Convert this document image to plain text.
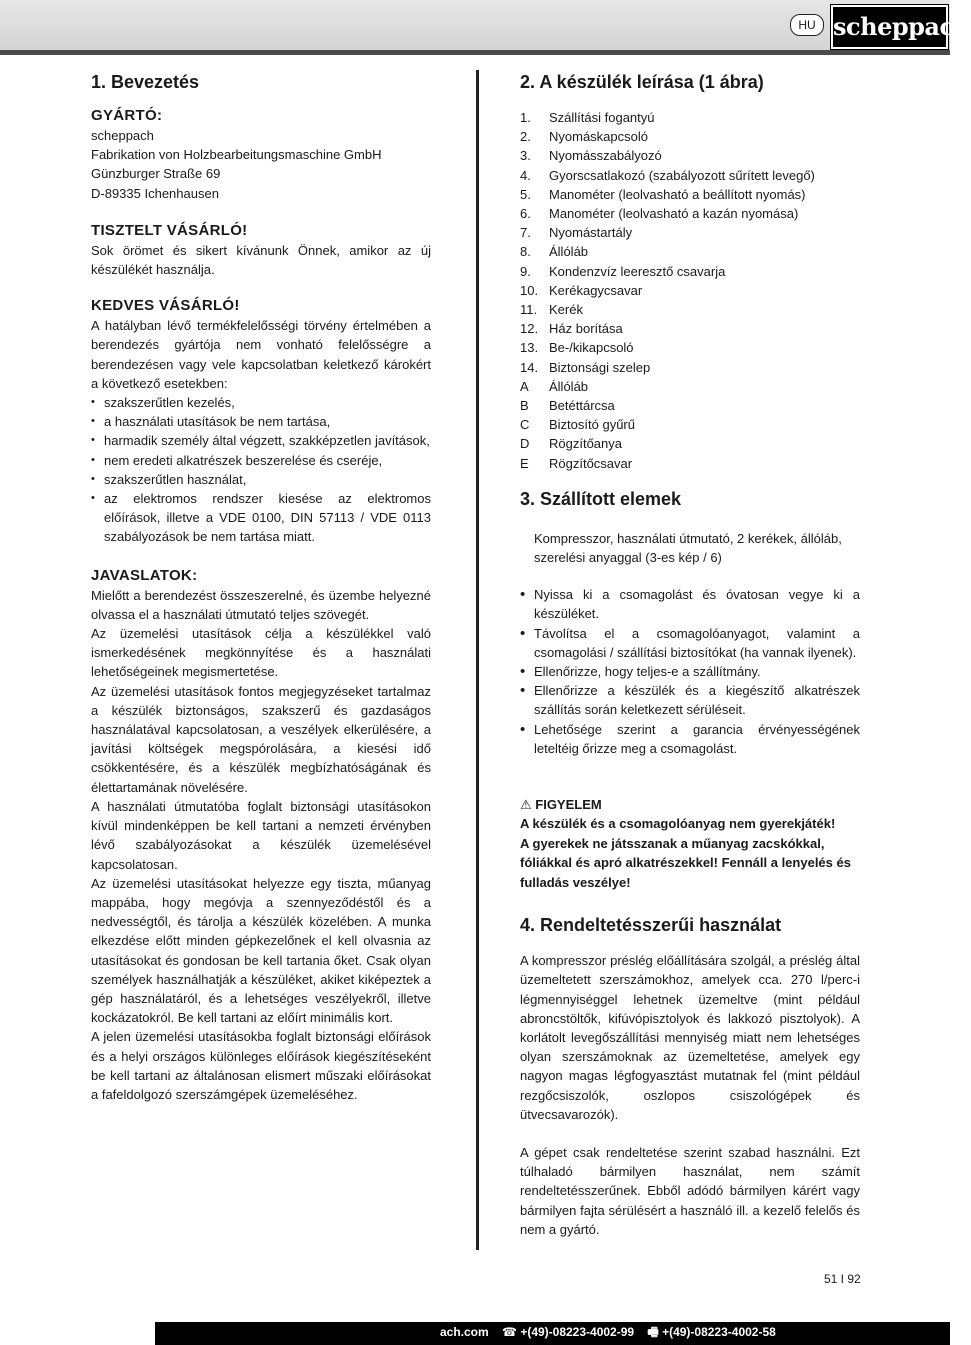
HU scheppach
1. Bevezetés
GYÁRTÓ:

scheppach

Fabrikation von Holzbearbeitungsmaschine GmbH

Günzburger Straße 69

D-89335 Ichenhausen

TISZTELT VÁSÁRLÓ!

Sok örömet és sikert kívánunk Önnek, amikor az új készülékét használja.

KEDVES VÁSÁRLÓ!

A hatályban lévő termékfelelősségi törvény értelmében a berendezés gyártója nem vonható felelősségre a berendezésen vagy vele kapcsolatban keletkező károkért a következő esetekben:

• szakszerűtlen kezelés,
• a használati utasítások be nem tartása,
• harmadik személy által végzett, szakképzetlen javítások,
• nem eredeti alkatrészek beszerelése és cseréje,
• szakszerűtlen használat,
• az elektromos rendszer kiesése az elektromos előírások, illetve a VDE 0100, DIN 57113 / VDE 0113 szabályozások be nem tartása miatt.
JAVASLATOK:

Mielőtt a berendezést összeszerelné, és üzembe helyezné olvassa el a használati útmutató teljes szövegét.

Az üzemelési utasítások célja a készülékkel való ismerkedésének megkönnyítése és a használati lehetőségeinek megismertetése.

Az üzemelési utasítások fontos megjegyzéseket tartalmaz a készülék biztonságos, szakszerű és gazdaságos használatával kapcsolatosan, a veszélyek elkerülésére, a javítási költségek megspórolására, a kiesési idő csökkentésére, és a készülék megbízhatóságának és élettartamának növelésére.

A használati útmutatóba foglalt biztonsági utasításokon kívül mindenképpen be kell tartani a nemzeti érvényben lévő szabályozásokat a készülék üzemelésével kapcsolatosan.

Az üzemelési utasításokat helyezze egy tiszta, műanyag mappába, hogy megóvja a szennyeződéstől és a nedvességtől, és tárolja a készülék közelében. A munka elkezdése előtt minden gépkezelőnek el kell olvasnia az utasításokat és gondosan be kell tartania őket. Csak olyan személyek használhatják a készüléket, akiket kiképeztek a gép használatáról, és a lehetséges veszélyekről, illetve kockázatokról. Be kell tartani az előírt minimális kort.

A jelen üzemelési utasításokba foglalt biztonsági előírások és a helyi országos különleges előírások kiegészítéseként be kell tartani az általánosan elismert műszaki előírásokat a fafeldolgozó szerszámgépek üzemeléséhez.

2. A készülék leírása (1 ábra)
1.	Szállítási fogantyú
2.	Nyomáskapcsoló
3.	Nyomásszabályozó
4.	Gyorscsatlakozó (szabályozott sűrített levegő)
5.	Manométer (leolvasható a beállított nyomás)
6.	Manométer (leolvasható a kazán nyomása)
7.	Nyomástartály
8.	Állóláb
9.	Kondenzvíz leeresztő csavarja
10. Kerékagycsavar
11. Kerék
12. Ház borítása
13. Be-/kikapcsoló
14. Biztonsági szelep
A	Állóláb
B	Betéttárcsa
C	Biztosító gyűrű
D	Rögzítőanya
E	Rögzítőcsavar
3. Szállított elemek

Kompresszor, használati útmutató, 2 kerékek, állóláb, szerelési anyaggal (3-es kép / 6)

• Nyissa ki a csomagolást és óvatosan vegye ki a készüléket.
• Távolítsa el a csomagolóanyagot, valamint a csomagolási / szállítási biztosítókat (ha vannak ilyenek).
• Ellenőrizze, hogy teljes-e a szállítmány.
• Ellenőrizze a készülék és a kiegészítő alkatrészek szállítás során keletkezett sérüléseit.
• Lehetősége szerint a garancia érvényességének leteltéig őrizze meg a csomagolást.
⚠ FIGYELEM
A készülék és a csomagolóanyag nem gyerekjáték!
A gyerekek ne játsszanak a műanyag zacskókkal, fóliákkal és apró alkatrészekkel! Fennáll a lenyelés és fulladás veszélye!
4. Rendeltetésszerűi használat

A kompresszor préslég előállítására szolgál, a préslég által üzemeltetett szerszámokhoz, amelyek cca. 270 l/perc-i légmennyiséggel lehetnek üzemeltve (mint például abroncstöltők, kifúvópisztolyok és lakkozó pisztolyok). A korlátolt levegőszállítási mennyiség miatt nem lehetséges olyan szerszámoknak az üzemeltetése, amelyek egy nagyon magas légfogyasztást mutatnak fel (mint például rezgőcsiszolók, oszlopos csiszológépek és ütvecsavarozók).

A gépet csak rendeltetése szerint szabad használni. Ezt túlhaladó bármilyen használat, nem számít rendeltetésszerűnek. Ebből adódó bármilyen kárért vagy bármilyen fajta sérülésért a használó ill. a kezelő felelős és nem a gyártó.

51 I 92
ach.com ☎ +(49)-08223-4002-99 🖷 +(49)-08223-4002-58
